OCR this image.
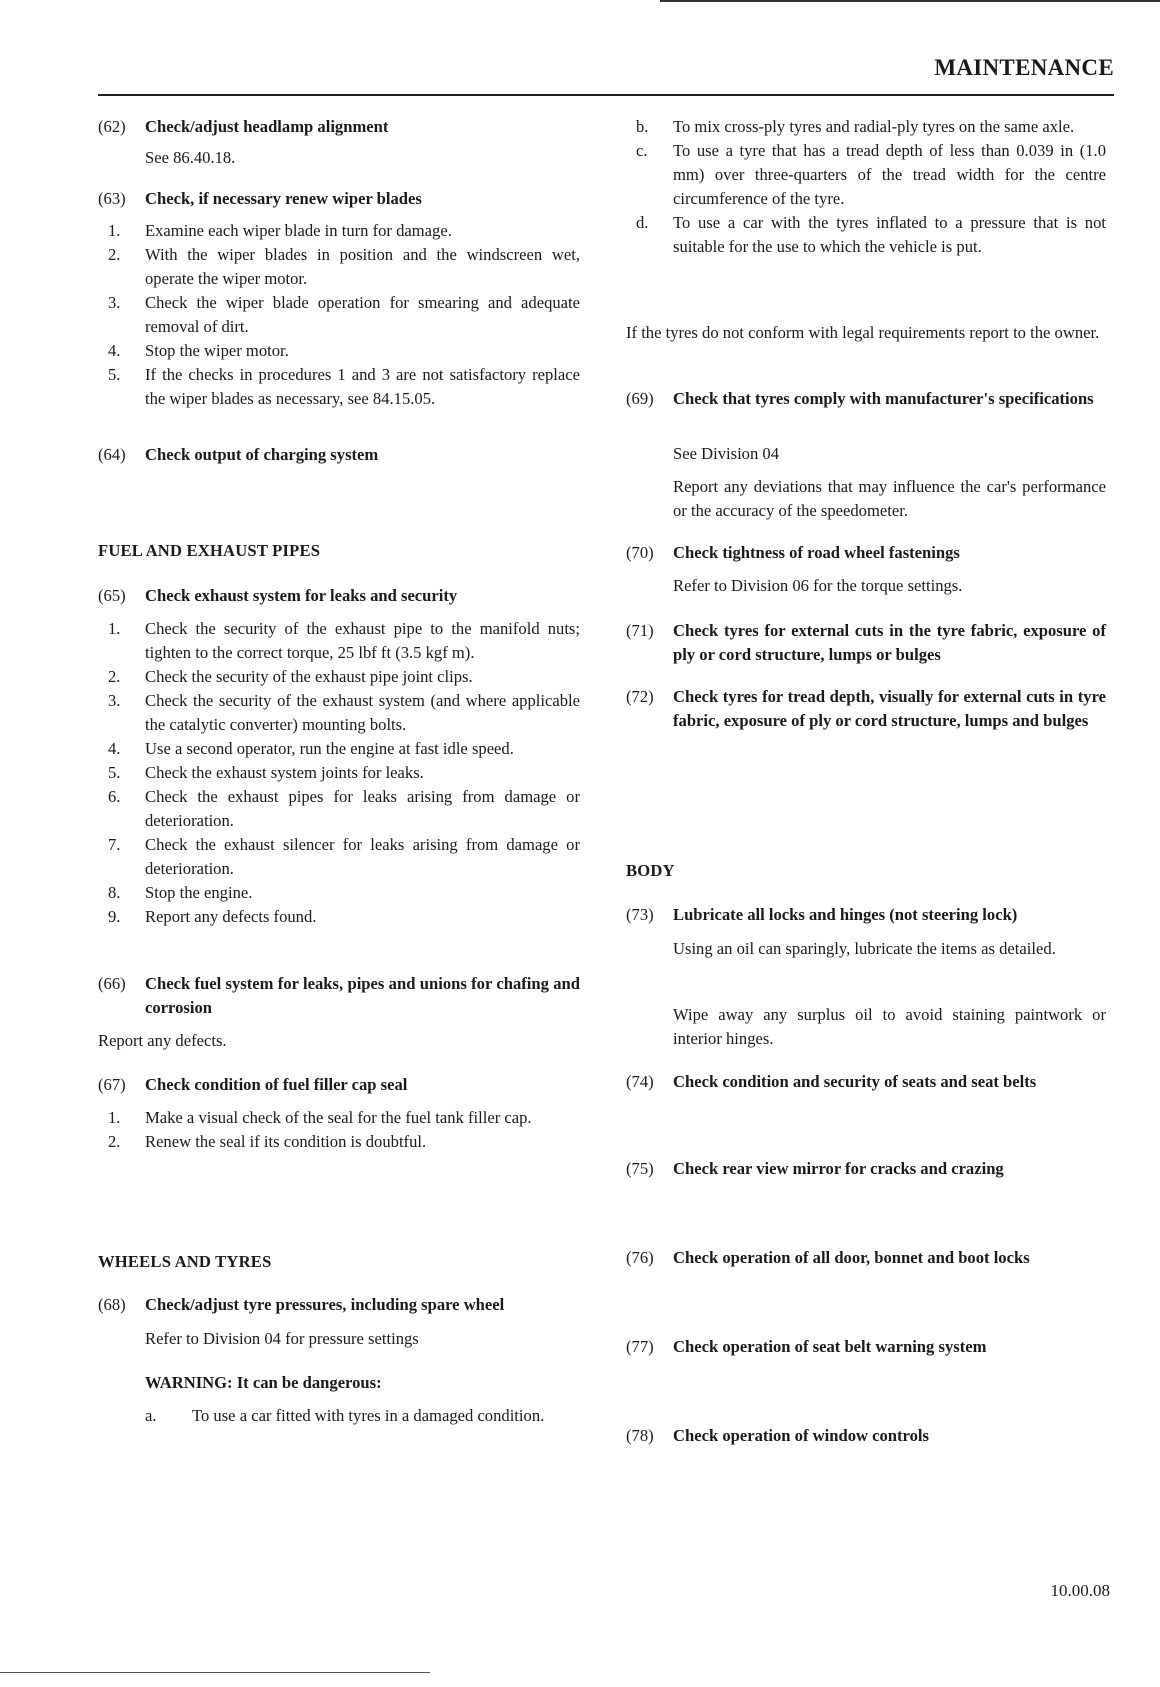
MAINTENANCE
(62)	Check/adjust headlamp alignment
See 86.40.18.
(63)	Check, if necessary renew wiper blades
1.	Examine each wiper blade in turn for damage.
2.	With the wiper blades in position and the windscreen wet, operate the wiper motor.
3.	Check the wiper blade operation for smearing and adequate removal of dirt.
4.	Stop the wiper motor.
5.	If the checks in procedures 1 and 3 are not satisfactory replace the wiper blades as necessary, see 84.15.05.
(64)	Check output of charging system
FUEL AND EXHAUST PIPES
(65)	Check exhaust system for leaks and security
1.	Check the security of the exhaust pipe to the manifold nuts; tighten to the correct torque, 25 lbf ft (3.5 kgf m).
2.	Check the security of the exhaust pipe joint clips.
3.	Check the security of the exhaust system (and where applicable the catalytic converter) mounting bolts.
4.	Use a second operator, run the engine at fast idle speed.
5.	Check the exhaust system joints for leaks.
6.	Check the exhaust pipes for leaks arising from damage or deterioration.
7.	Check the exhaust silencer for leaks arising from damage or deterioration.
8.	Stop the engine.
9.	Report any defects found.
(66)	Check fuel system for leaks, pipes and unions for chafing and corrosion
Report any defects.
(67)	Check condition of fuel filler cap seal
1.	Make a visual check of the seal for the fuel tank filler cap.
2.	Renew the seal if its condition is doubtful.
WHEELS AND TYRES
(68)	Check/adjust tyre pressures, including spare wheel
Refer to Division 04 for pressure settings
WARNING: It can be dangerous:
a.	To use a car fitted with tyres in a damaged condition.
b.	To mix cross-ply tyres and radial-ply tyres on the same axle.
c.	To use a tyre that has a tread depth of less than 0.039 in (1.0 mm) over three-quarters of the tread width for the centre circumference of the tyre.
d.	To use a car with the tyres inflated to a pressure that is not suitable for the use to which the vehicle is put.
If the tyres do not conform with legal requirements report to the owner.
(69)	Check that tyres comply with manufacturer's specifications
See Division 04
Report any deviations that may influence the car's performance or the accuracy of the speedometer.
(70)	Check tightness of road wheel fastenings
Refer to Division 06 for the torque settings.
(71)	Check tyres for external cuts in the tyre fabric, exposure of ply or cord structure, lumps or bulges
(72)	Check tyres for tread depth, visually for external cuts in tyre fabric, exposure of ply or cord structure, lumps and bulges
BODY
(73)	Lubricate all locks and hinges (not steering lock)
Using an oil can sparingly, lubricate the items as detailed.
Wipe away any surplus oil to avoid staining paintwork or interior hinges.
(74)	Check condition and security of seats and seat belts
(75)	Check rear view mirror for cracks and crazing
(76)	Check operation of all door, bonnet and boot locks
(77)	Check operation of seat belt warning system
(78)	Check operation of window controls
10.00.08
